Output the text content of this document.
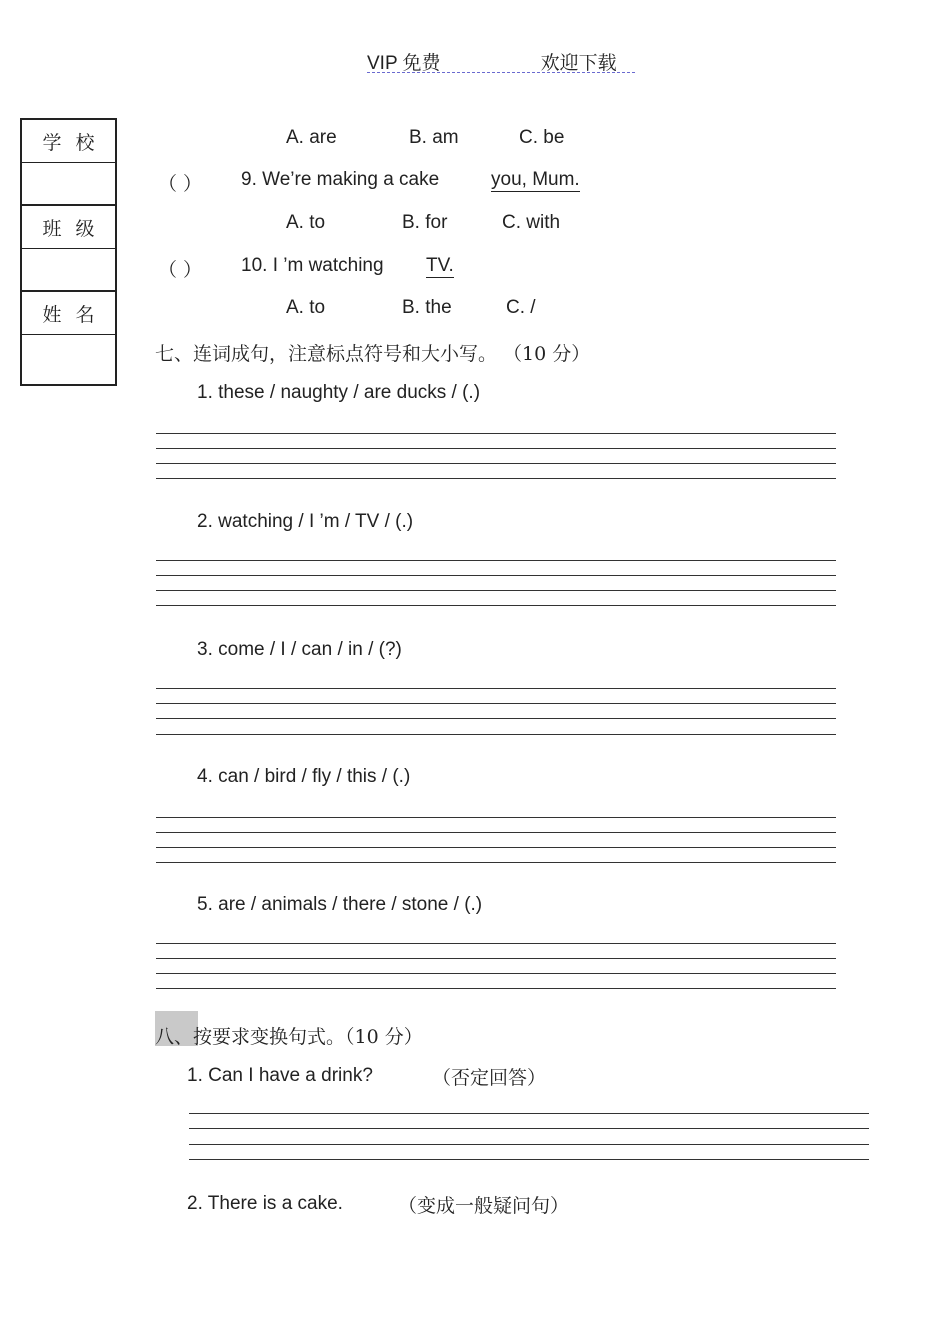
VIP 免费	欢迎下载
学校
班级
姓名
A. are	B. am	C. be
（ ） 9. We’re making a cake	you, Mum.
A. to	B. for	C. with
（ ） 10. I ’m watching TV.
A. to	B. the	C. /
七、连词成句，注意标点符号和大小写。 （10 分）
1. these / naughty / are ducks / (.)
2. watching / I ’m / TV / (.)
3. come / I / can / in / (?)
4. can / bird / fly / this / (.)
5. are / animals / there / stone / (.)
八、按要求变换句式。（10 分）
1. Can I have a drink?	（否定回答）
2. There is a cake.	（变成一般疑问句）
